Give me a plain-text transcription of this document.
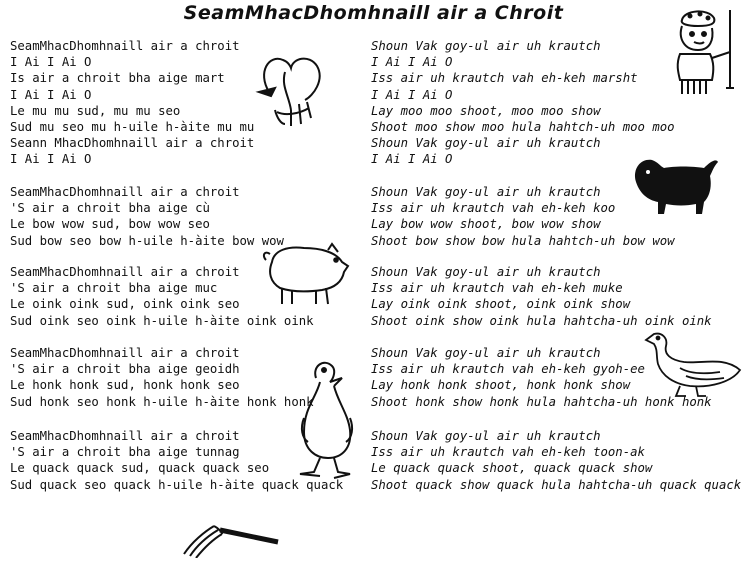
SeamMhacDhomhnaill air a Chroit
SeamMhacDhomhnaill air a chroit
I Ai I Ai O
Is air a chroit bha aige mart
I Ai I Ai O
Le mu mu sud, mu mu seo
Sud mu seo mu h-uile h-àite mu mu
Seann MhacDhomhnaill air a chroit
I Ai I Ai O
SeamMhacDhomhnaill air a chroit
'S air a chroit bha aige cù
Le bow wow sud, bow wow seo
Sud bow seo bow h-uile h-àite bow wow
SeamMhacDhomhnaill air a chroit
'S air a chroit bha aige muc
Le oink oink sud, oink oink seo
Sud oink seo oink h-uile h-àite oink oink
SeamMhacDhomhnaill air a chroit
'S air a chroit bha aige geoidh
Le honk honk sud, honk honk seo
Sud honk seo honk h-uile h-àite honk honk
SeamMhacDhomhnaill air a chroit
'S air a chroit bha aige tunnag
Le quack quack sud, quack quack seo
Sud quack seo quack h-uile h-àite quack quack
Shoun Vak goy-ul air uh krautch
I Ai I Ai O
Iss air uh krautch vah eh-keh marsht
I Ai I Ai O
Lay moo moo shoot, moo moo show
Shoot moo show moo hula hahtch-uh moo moo
Shoun Vak goy-ul air uh krautch
I Ai I Ai O
Shoun Vak goy-ul air uh krautch
Iss air uh krautch vah eh-keh koo
Lay bow wow shoot, bow wow show
Shoot bow show bow hula hahtch-uh bow wow
Shoun Vak goy-ul air uh krautch
Iss air uh krautch vah eh-keh muke
Lay oink oink shoot, oink oink show
Shoot oink show oink hula hahtcha-uh oink oink
Shoun Vak goy-ul air uh krautch
Iss air uh krautch vah eh-keh gyoh-ee
Lay honk honk shoot, honk honk show
Shoot honk show honk hula hahtcha-uh honk honk
Shoun Vak goy-ul air uh krautch
Iss air uh krautch vah eh-keh toon-ak
Le quack quack shoot, quack quack show
Shoot quack show quack hula hahtcha-uh quack quack
